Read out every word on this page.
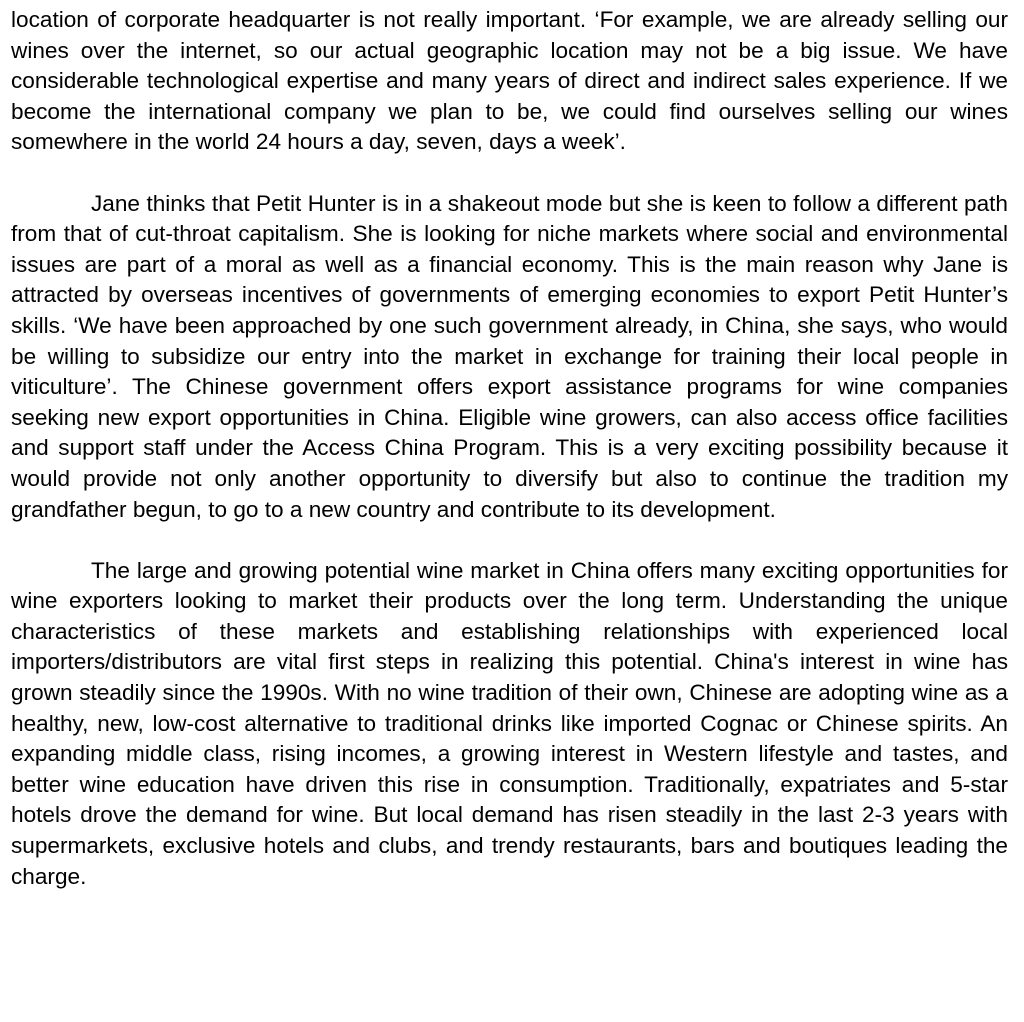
location of corporate headquarter is not really important. ‘For example, we are already selling our wines over the internet, so our actual geographic location may not be a big issue. We have considerable technological expertise and many years of direct and indirect sales experience. If we become the international company we plan to be, we could find ourselves selling our wines somewhere in the world 24 hours a day, seven, days a week’.

Jane thinks that Petit Hunter is in a shakeout mode but she is keen to follow a different path from that of cut-throat capitalism. She is looking for niche markets where social and environmental issues are part of a moral as well as a financial economy. This is the main reason why Jane is attracted by overseas incentives of governments of emerging economies to export Petit Hunter’s skills. ‘We have been approached by one such government already, in China, she says, who would be willing to subsidize our entry into the market in exchange for training their local people in viticulture’. The Chinese government offers export assistance programs for wine companies seeking new export opportunities in China. Eligible wine growers, can also access office facilities and support staff under the Access China Program. This is a very exciting possibility because it would provide not only another opportunity to diversify but also to continue the tradition my grandfather begun, to go to a new country and contribute to its development.

The large and growing potential wine market in China offers many exciting opportunities for wine exporters looking to market their products over the long term. Understanding the unique characteristics of these markets and establishing relationships with experienced local importers/distributors are vital first steps in realizing this potential. China's interest in wine has grown steadily since the 1990s. With no wine tradition of their own, Chinese are adopting wine as a healthy, new, low-cost alternative to traditional drinks like imported Cognac or Chinese spirits. An expanding middle class, rising incomes, a growing interest in Western lifestyle and tastes, and better wine education have driven this rise in consumption. Traditionally, expatriates and 5-star hotels drove the demand for wine. But local demand has risen steadily in the last 2-3 years with supermarkets, exclusive hotels and clubs, and trendy restaurants, bars and boutiques leading the charge.
